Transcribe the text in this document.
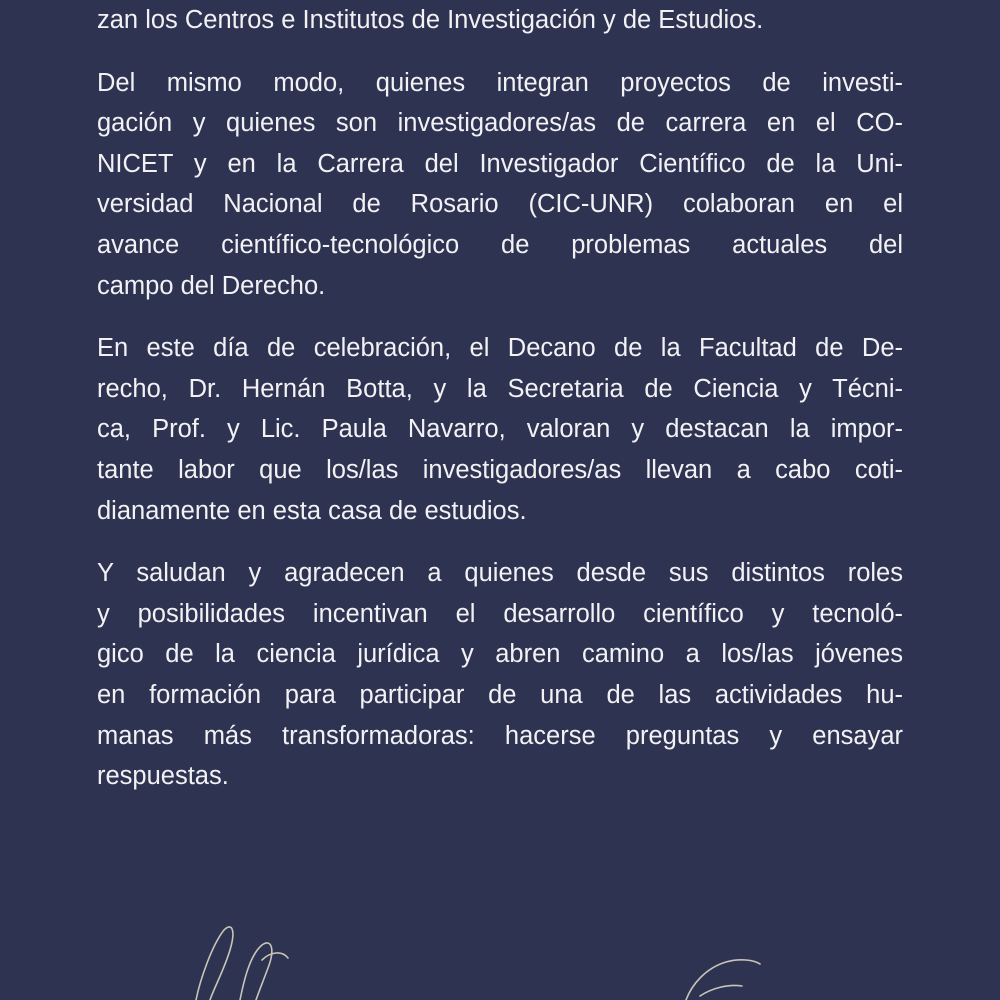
zan los Centros e Institutos de Investigación y de Estudios.
Del mismo modo, quienes integran proyectos de investi-
gación y quienes son investigadores/as de carrera en el CO-
NICET y en la Carrera del Investigador Científico de la Uni-
versidad Nacional de Rosario (CIC-UNR) colaboran en el
avance científico-tecnológico de problemas actuales del
campo del Derecho.
En este día de celebración, el Decano de la Facultad de De-
recho, Dr. Hernán Botta, y la Secretaria de Ciencia y Técni-
ca, Prof. y Lic. Paula Navarro, valoran y destacan la impor-
tante labor que los/las investigadores/as llevan a cabo coti-
dianamente en esta casa de estudios.
Y saludan y agradecen a quienes desde sus distintos roles
y posibilidades incentivan el desarrollo científico y tecnoló-
gico de la ciencia jurídica y abren camino a los/las jóvenes
en formación para participar de una de las actividades hu-
manas más transformadoras: hacerse preguntas y ensayar
respuestas.
